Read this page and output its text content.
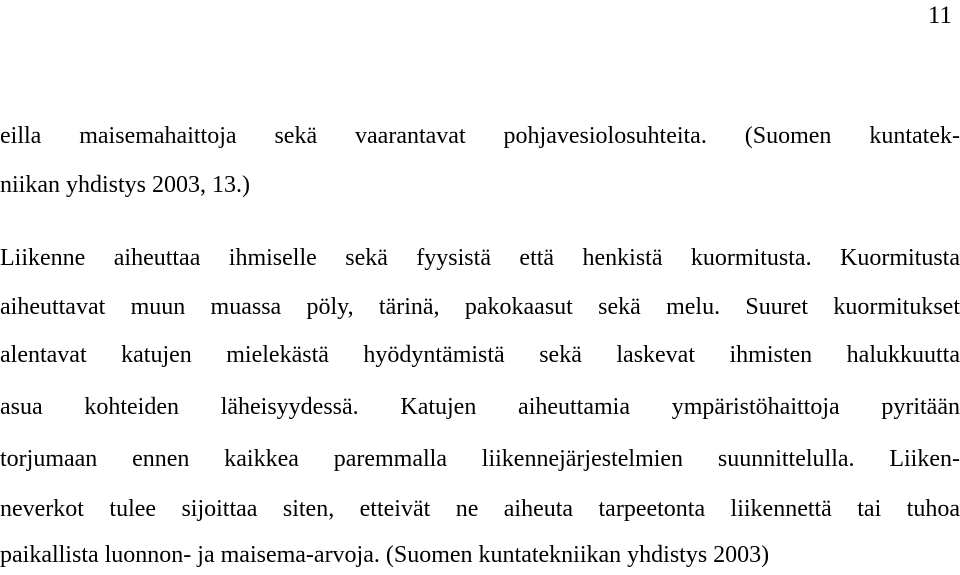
11
eilla maisemahaittoja sekä vaarantavat pohjavesiolosuhteita. (Suomen kuntatek-
niikan yhdistys 2003, 13.)
Liikenne aiheuttaa ihmiselle sekä fyysistä että henkistä kuormitusta. Kuormitusta
aiheuttavat muun muassa pöly, tärinä, pakokaasut sekä melu. Suuret kuormitukset
alentavat katujen mielekästä hyödyntämistä sekä laskevat ihmisten halukkuutta
asua kohteiden läheisyydessä. Katujen aiheuttamia ympäristöhaittoja pyritään
torjumaan ennen kaikkea paremmalla liikennejärjestelmien suunnittelulla. Liiken-
neverkot tulee sijoittaa siten, etteivät ne aiheuta tarpeetonta liikennettä tai tuhoa
paikallista luonnon- ja maisema-arvoja. (Suomen kuntatekniikan yhdistys 2003)
